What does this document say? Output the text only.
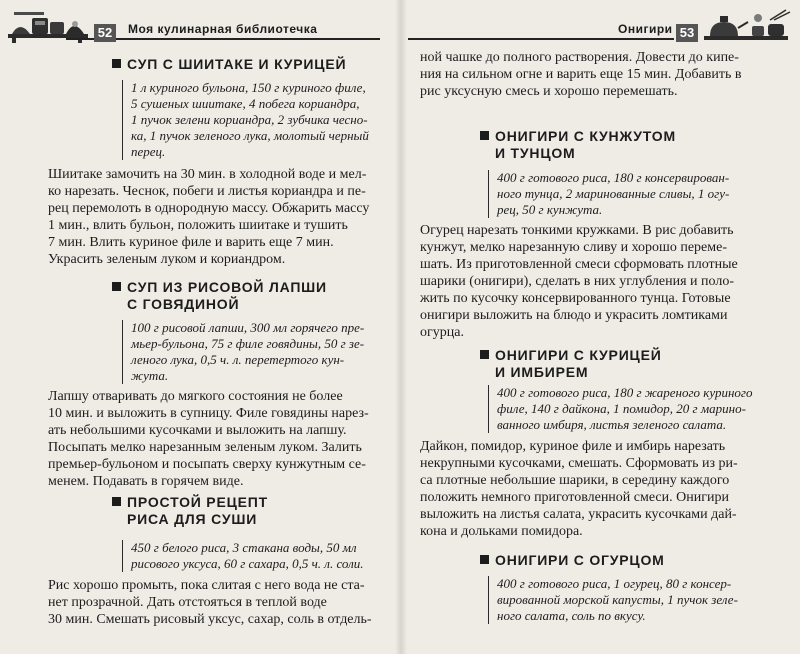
52	Моя кулинарная библиотечка
СУП С ШИИТАКЕ И КУРИЦЕЙ
1 л куриного бульона, 150 г куриного филе,
5 сушеных шиитаке, 4 побега кориандра,
1 пучок зелени кориандра, 2 зубчика чесно-
ка, 1 пучок зеленого лука, молотый черный
перец.
Шиитаке замочить на 30 мин. в холодной воде и мел-
ко нарезать. Чеснок, побеги и листья кориандра и пе-
рец перемолоть в однородную массу. Обжарить массу
1 мин., влить бульон, положить шиитаке и тушить
7 мин. Влить куриное филе и варить еще 7 мин.
Украсить зеленым луком и кориандром.
СУП ИЗ РИСОВОЙ ЛАПШИ
С ГОВЯДИНОЙ
100 г рисовой лапши, 300 мл горячего пре-
мьер-бульона, 75 г филе говядины, 50 г зе-
леного лука, 0,5 ч. л. перетертого кун-
жута.
Лапшу отваривать до мягкого состояния не более
10 мин. и выложить в супницу. Филе говядины нарез-
ать небольшими кусочками и выложить на лапшу.
Посыпать мелко нарезанным зеленым луком. Залить
премьер-бульоном и посыпать сверху кунжутным се-
менем. Подавать в горячем виде.
ПРОСТОЙ РЕЦЕПТ
РИСА ДЛЯ СУШИ
450 г белого риса, 3 стакана воды, 50 мл
рисового уксуса, 60 г сахара, 0,5 ч. л. соли.
Рис хорошо промыть, пока слитая с него вода не ста-
нет прозрачной. Дать отстояться в теплой воде
30 мин. Смешать рисовый уксус, сахар, соль в отдель-
Онигири 53
ной чашке до полного растворения. Довести до кипе-
ния на сильном огне и варить еще 15 мин. Добавить в
рис уксусную смесь и хорошо перемешать.
ОНИГИРИ С КУНЖУТОМ
И ТУНЦОМ
400 г готового риса, 180 г консервирован-
ного тунца, 2 маринованные сливы, 1 огу-
рец, 50 г кунжута.
Огурец нарезать тонкими кружками. В рис добавить
кунжут, мелко нарезанную сливу и хорошо переме-
шать. Из приготовленной смеси сформовать плотные
шарики (онигири), сделать в них углубления и поло-
жить по кусочку консервированного тунца. Готовые
онигири выложить на блюдо и украсить ломтиками
огурца.
ОНИГИРИ С КУРИЦЕЙ
И ИМБИРЕМ
400 г готового риса, 180 г жареного куриного
филе, 140 г дайкона, 1 помидор, 20 г марино-
ванного имбиря, листья зеленого салата.
Дайкон, помидор, куриное филе и имбирь нарезать
некрупными кусочками, смешать. Сформовать из ри-
са плотные небольшие шарики, в середину каждого
положить немного приготовленной смеси. Онигири
выложить на листья салата, украсить кусочками дай-
кона и дольками помидора.
ОНИГИРИ С ОГУРЦОМ
400 г готового риса, 1 огурец, 80 г консер-
вированной морской капусты, 1 пучок зеле-
ного салата, соль по вкусу.
